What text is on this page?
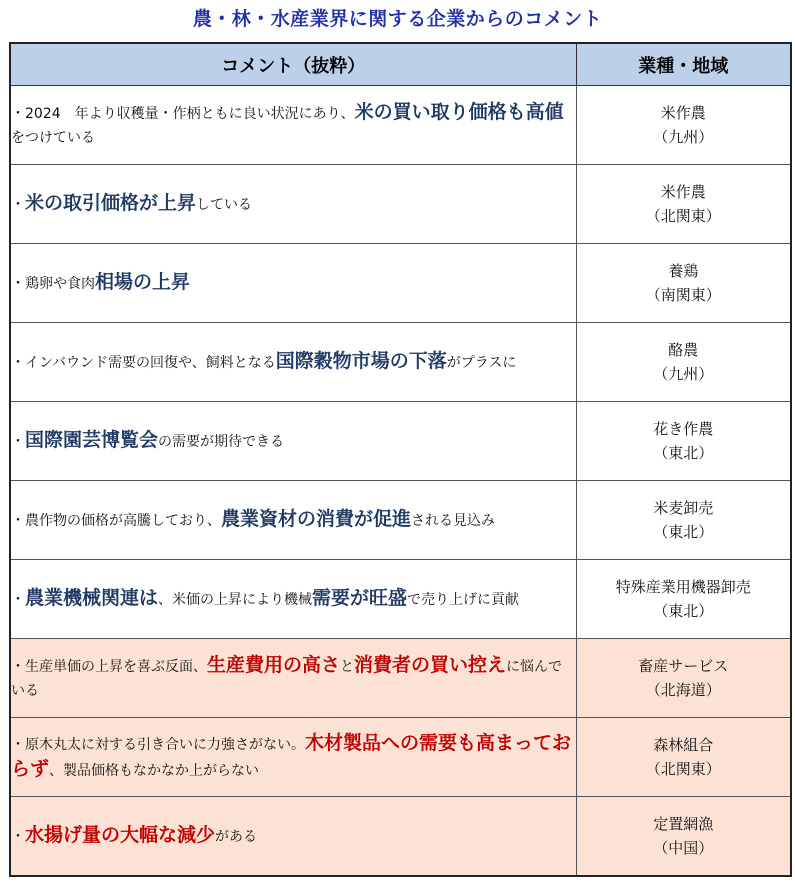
農・林・水産業界に関する企業からのコメント
コメント（抜粋）	業種・地域
・2024　年より収穫量・作柄ともに良い状況にあり、米の買い取り価格も高値をつけている	米作農
（九州）

・米の取引価格が上昇している	米作農
（北関東）

・鶏卵や食肉相場の上昇	養鶏
（南関東）

・インバウンド需要の回復や、飼料となる国際穀物市場の下落がプラスに	酪農
（九州）

・国際園芸博覧会の需要が期待できる	花き作農
（東北）

・農作物の価格が高騰しており、農業資材の消費が促進される見込み	米麦卸売
（東北）

・農業機械関連は、米価の上昇により機械需要が旺盛で売り上げに貢献	特殊産業用機器卸売
（東北）

・生産単価の上昇を喜ぶ反面、生産費用の高さと消費者の買い控えに悩んでいる	畜産サービス
（北海道）

・原木丸太に対する引き合いに力強さがない。木材製品への需要も高まっておらず、製品価格もなかなか上がらない	森林組合
（北関東）

・水揚げ量の大幅な減少がある	定置網漁
（中国）
